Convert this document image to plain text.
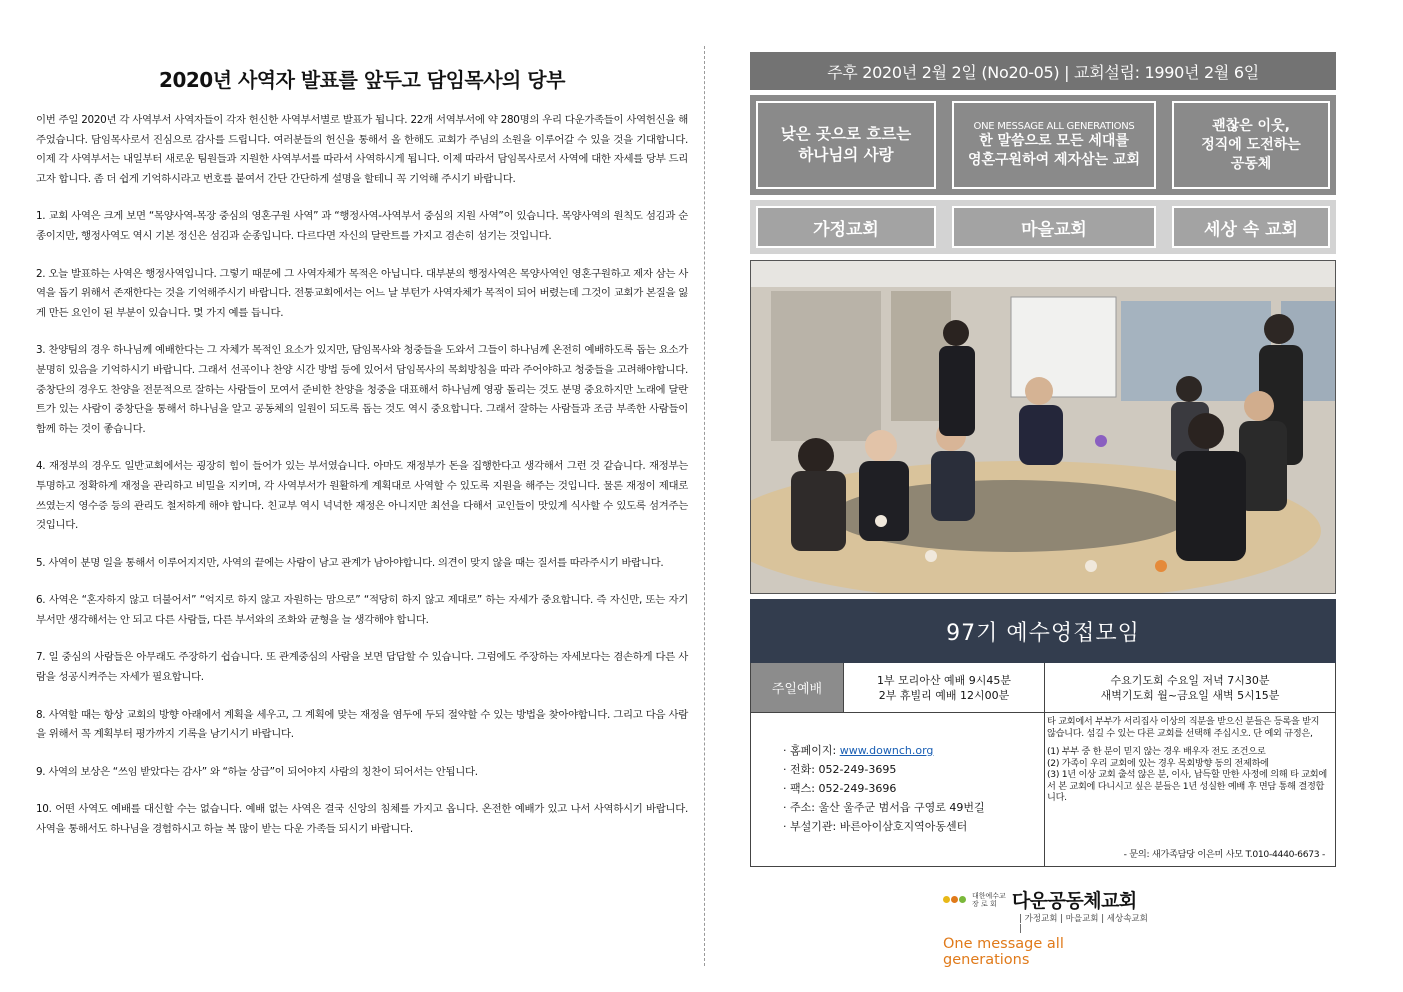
2020년 사역자 발표를 앞두고 담임목사의 당부

이번 주일 2020년 각 사역부서 사역자들이 각자 헌신한 사역부서별로 발표가 됩니다. 22개 서역부서에 약 280명의 우리 다운가족들이 사역헌신을 해 주었습니다. 담임목사로서 진심으로 감사를 드립니다. 여러분들의 헌신을 통해서 올 한해도 교회가 주님의 소원을 이루어갈 수 있을 것을 기대합니다. 이제 각 사역부서는 내일부터 새로운 팀원들과 지원한 사역부서를 따라서 사역하시게 됩니다. 이제 따라서 담임목사로서 사역에 대한 자세를 당부 드리고자 합니다. 좀 더 쉽게 기억하시라고 번호를 붙여서 간단 간단하게 설명을 할테니 꼭 기억해 주시기 바랍니다.

1. 교회 사역은 크게 보면 “목양사역-목장 중심의 영혼구원 사역” 과 “행정사역-사역부서 중심의 지원 사역”이 있습니다. 목양사역의 원칙도 섬김과 순종이지만, 행정사역도 역시 기본 정신은 섬김과 순종입니다. 다르다면 자신의 달란트를 가지고 겸손히 섬기는 것입니다.

2. 오늘 발표하는 사역은 행정사역입니다. 그렇기 때문에 그 사역자체가 목적은 아닙니다. 대부분의 행정사역은 목양사역인 영혼구원하고 제자 삼는 사역을 돕기 위해서 존재한다는 것을 기억해주시기 바랍니다. 전통교회에서는 어느 날 부턴가 사역자체가 목적이 되어 버렸는데 그것이 교회가 본질을 잃게 만든 요인이 된 부분이 있습니다. 몇 가지 예를 듭니다.

3. 찬양팀의 경우 하나님께 예배한다는 그 자체가 목적인 요소가 있지만, 담임목사와 청중들을 도와서 그들이 하나님께 온전히 예배하도록 돕는 요소가 분명히 있음을 기억하시기 바랍니다. 그래서 선곡이나 찬양 시간 방법 등에 있어서 담임목사의 목회방침을 따라 주어야하고 청중들을 고려해야합니다. 중창단의 경우도 찬양을 전문적으로 잘하는 사람들이 모여서 준비한 찬양을 청중을 대표해서 하나님께 영광 돌리는 것도 분명 중요하지만 노래에 달란트가 있는 사람이 중창단을 통해서 하나님을 알고 공동체의 일원이 되도록 돕는 것도 역시 중요합니다. 그래서 잘하는 사람들과 조금 부족한 사람들이 함께 하는 것이 좋습니다.

4. 재정부의 경우도 일반교회에서는 굉장히 힘이 들어가 있는 부서였습니다. 아마도 재정부가 돈을 집행한다고 생각해서 그런 것 같습니다. 재정부는 투명하고 정확하게 재정을 관리하고 비밀을 지키며, 각 사역부서가 원활하게 계획대로 사역할 수 있도록 지원을 해주는 것입니다. 물론 재정이 제대로 쓰였는지 영수증 등의 관리도 철저하게 해야 합니다. 친교부 역시 넉넉한 재정은 아니지만 최선을 다해서 교인들이 맛있게 식사할 수 있도록 섬겨주는 것입니다.

5. 사역이 분명 일을 통해서 이루어지지만, 사역의 끝에는 사람이 남고 관계가 남아야합니다. 의견이 맞지 않을 때는 질서를 따라주시기 바랍니다.

6. 사역은 “혼자하지 않고 더불어서” “억지로 하지 않고 자원하는 맘으로” “적당히 하지 않고 제대로” 하는 자세가 중요합니다. 즉 자신만, 또는 자기 부서만 생각해서는 안 되고 다른 사람들, 다른 부서와의 조화와 균형을 늘 생각해야 합니다.

7. 일 중심의 사람들은 아무래도 주장하기 쉽습니다. 또 관계중심의 사람을 보면 답답할 수 있습니다. 그럼에도 주장하는 자세보다는 겸손하게 다른 사람을 성공시켜주는 자세가 필요합니다.

8. 사역할 때는 항상 교회의 방향 아래에서 계획을 세우고, 그 계획에 맞는 재정을 염두에 두되 절약할 수 있는 방법을 찾아야합니다. 그리고 다음 사람을 위해서 꼭 계획부터 평가까지 기록을 남기시기 바랍니다.

9. 사역의 보상은 “쓰임 받았다는 감사” 와 “하늘 상급”이 되어야지 사람의 칭찬이 되어서는 안됩니다.

10. 어떤 사역도 예배를 대신할 수는 없습니다. 예배 없는 사역은 결국 신앙의 침체를 가지고 옵니다. 온전한 예배가 있고 나서 사역하시기 바랍니다. 사역을 통해서도 하나님을 경험하시고 하늘 복 많이 받는 다운 가족들 되시기 바랍니다.

주후 2020년 2월 2일 (No20-05) | 교회설립: 1990년 2월 6일
낮은 곳으로 흐르는
하나님의 사랑
ONE MESSAGE ALL GENERATIONS
한 말씀으로 모든 세대를
영혼구원하여 제자삼는 교회
괜찮은 이웃,
정직에 도전하는
공동체
가정교회	마을교회	세상 속 교회
97기 예수영접모임
주일예배
1부 모리아산 예배 9시45분
2부 휴빌리 예배 12시00분
수요기도회 수요일 저녁 7시30분
새벽기도회 월~금요일 새벽 5시15분
· 홈페이지: www.downch.org
· 전화: 052-249-3695
· 팩스: 052-249-3696
· 주소: 울산 울주군 범서읍 구영로 49번길
· 부설기관: 바른아이삼호지역아동센터

타 교회에서 부부가 서리집사 이상의 직분을 받으신 분들은 등록을 받지 않습니다. 섬길 수 있는 다른 교회를 선택해 주십시오. 단 예외 규정은,

(1) 부부 중 한 분이 믿지 않는 경우 배우자 전도 조건으로
(2) 가족이 우리 교회에 있는 경우 목회방향 동의 전제하에
(3) 1년 이상 교회 출석 않은 분, 이사, 납득할 만한 사정에 의해 타 교회에서 본 교회에 다니시고 싶은 분들은 1년 성실한 예배 후 면담 통해 결정합니다.
- 문의: 새가족담당 이은미 사모 T.010-4440-6673 -
대한예수교
장 로 회 다운공동체교회
| 가정교회 | 마을교회 | 세상속교회 |
One message all generations
